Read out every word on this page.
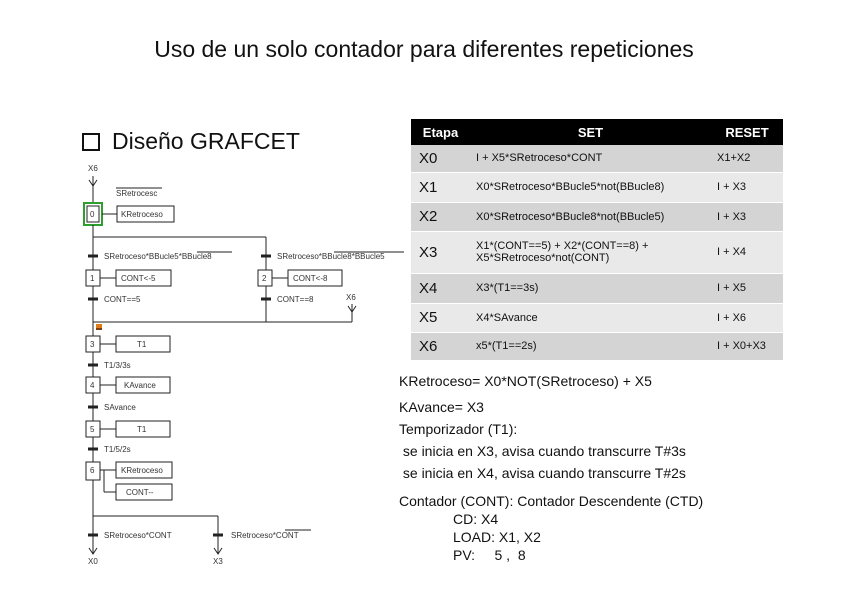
Uso de un solo contador para diferentes repeticiones
Diseño GRAFCET
X6
SRetrocesc
0	KRetroceso
SRetroceso*BBucle5*BBucle8	SRetroceso*BBucle8*BBucle5
1	CONT<-5
CONT==5
2	CONT<-8
CONT==8	X6
3	T1
T1/3/3s
4	KAvance
SAvance
5	T1
T1/5/2s
6	KRetroceso
CONT--
SRetroceso*CONT	SRetroceso*CONT
X0	X3
Etapa	SET	RESET
X0	I + X5*SRetroceso*CONT	X1+X2
X1	X0*SRetroceso*BBucle5*not(BBucle8)	I + X3
X2	X0*SRetroceso*BBucle8*not(BBucle5)	I + X3
X3	X1*(CONT==5) + X2*(CONT==8) + X5*SRetroceso*not(CONT)	I + X4
X4	X3*(T1==3s)	I + X5
X5	X4*SAvance	I + X6
X6	x5*(T1==2s)	I + X0+X3
KRetroceso= X0*NOT(SRetroceso) + X5
KAvance= X3
Temporizador (T1):
se inicia en X3, avisa cuando transcurre T#3s
se inicia en X4, avisa cuando transcurre T#2s
Contador (CONT): Contador Descendente (CTD)
CD: X4
LOAD: X1, X2
PV:     5 ,  8
